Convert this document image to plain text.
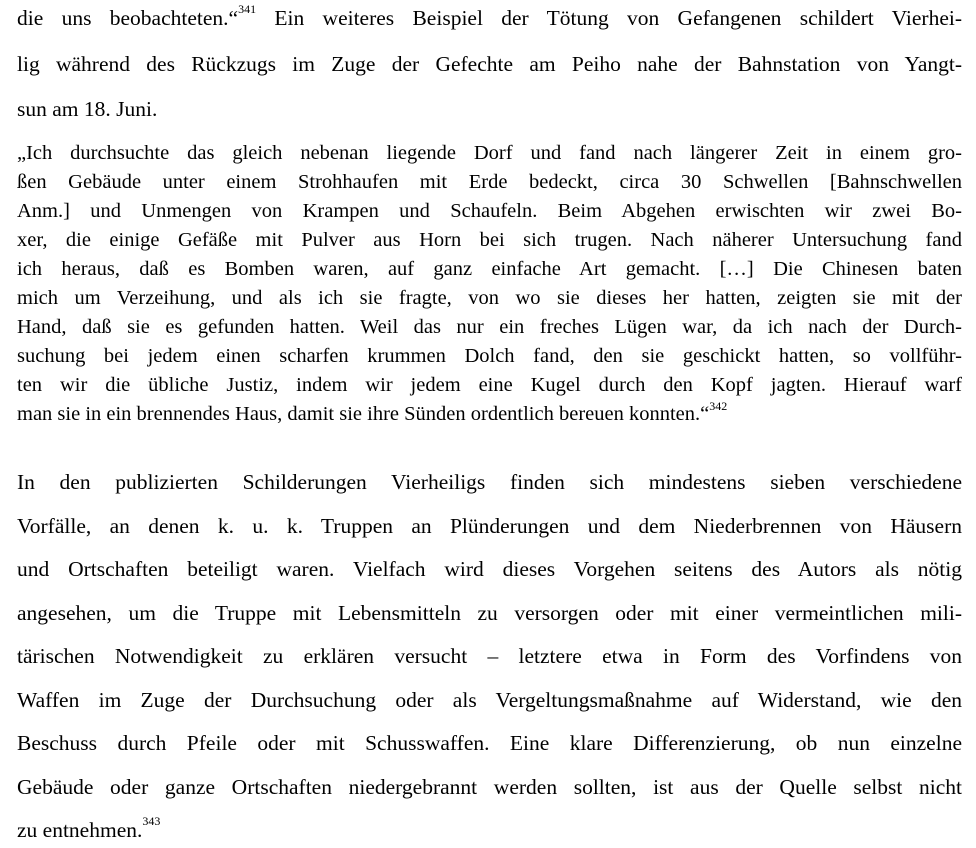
die uns beobachteten.“$^{341}$ Ein weiteres Beispiel der Tötung von Gefangenen schildert Vierhei-
lig während des Rückzugs im Zuge der Gefechte am Peiho nahe der Bahnstation von Yangt-
sun am 18. Juni.
„Ich durchsuchte das gleich nebenan liegende Dorf und fand nach längerer Zeit in einem gro-
ßen Gebäude unter einem Strohhaufen mit Erde bedeckt, circa 30 Schwellen [Bahnschwellen
Anm.] und Unmengen von Krampen und Schaufeln. Beim Abgehen erwischten wir zwei Bo-
xer, die einige Gefäße mit Pulver aus Horn bei sich trugen. Nach näherer Untersuchung fand
ich heraus, daß es Bomben waren, auf ganz einfache Art gemacht. […] Die Chinesen baten
mich um Verzeihung, und als ich sie fragte, von wo sie dieses her hatten, zeigten sie mit der
Hand, daß sie es gefunden hatten. Weil das nur ein freches Lügen war, da ich nach der Durch-
suchung bei jedem einen scharfen krummen Dolch fand, den sie geschickt hatten, so vollführ-
ten wir die übliche Justiz, indem wir jedem eine Kugel durch den Kopf jagten. Hierauf warf
man sie in ein brennendes Haus, damit sie ihre Sünden ordentlich bereuen konnten.“$^{342}$
In den publizierten Schilderungen Vierheiligs finden sich mindestens sieben verschiedene
Vorfälle, an denen k. u. k. Truppen an Plünderungen und dem Niederbrennen von Häusern
und Ortschaften beteiligt waren. Vielfach wird dieses Vorgehen seitens des Autors als nötig
angesehen, um die Truppe mit Lebensmitteln zu versorgen oder mit einer vermeintlichen mili-
tärischen Notwendigkeit zu erklären versucht – letztere etwa in Form des Vorfindens von
Waffen im Zuge der Durchsuchung oder als Vergeltungsmaßnahme auf Widerstand, wie den
Beschuss durch Pfeile oder mit Schusswaffen. Eine klare Differenzierung, ob nun einzelne
Gebäude oder ganze Ortschaften niedergebrannt werden sollten, ist aus der Quelle selbst nicht
zu entnehmen.$^{343}$
